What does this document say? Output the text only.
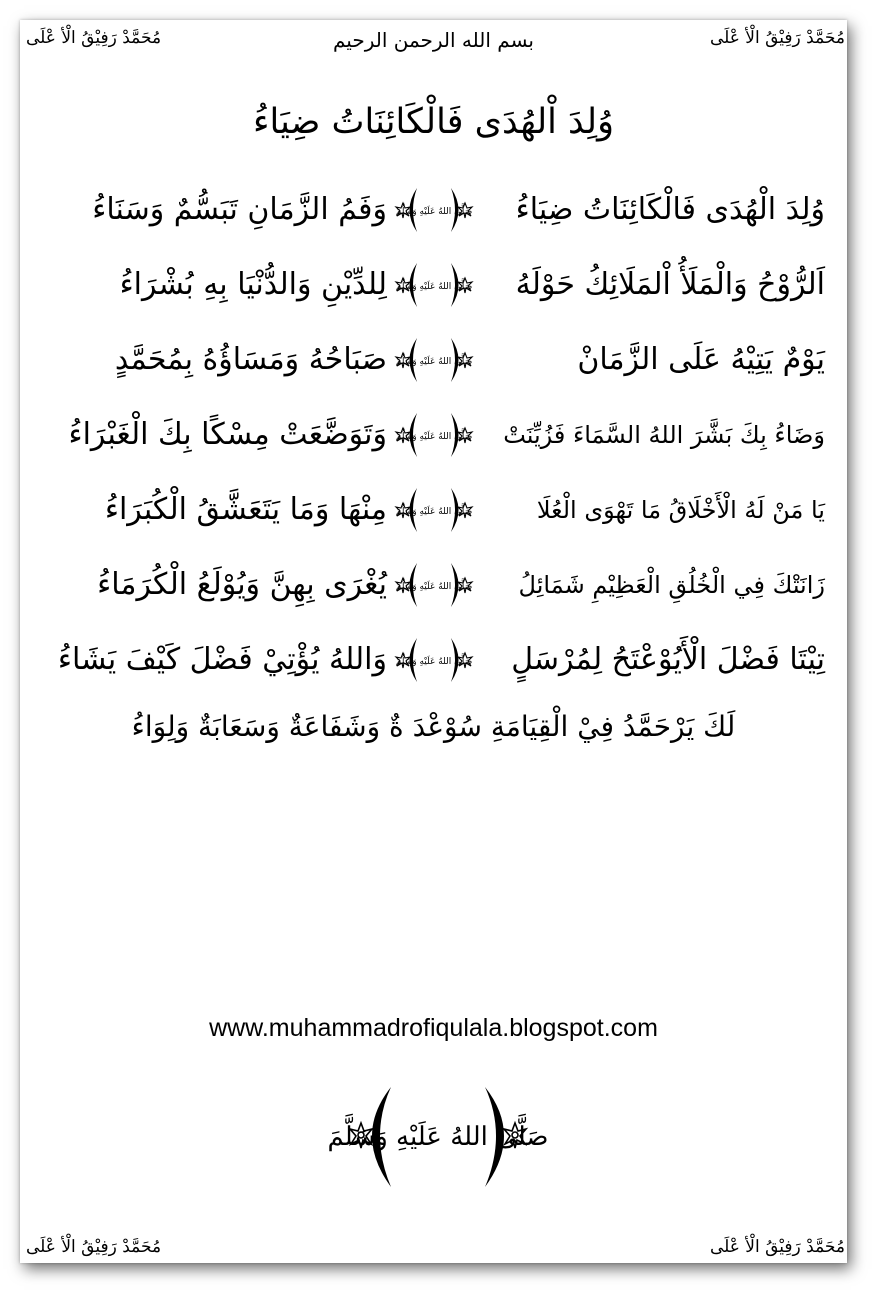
مُحَمَّدْ رَفِيْقُ الْأ عْلَى	مُحَمَّدْ رَفِيْقُ الْأ عْلَى
بسم الله الرحمن الرحيم
وُلِدَ اْلهُدَى فَالْكَائِنَاتُ ضِيَاءُ
وُلِدَ الْهُدَى فَالْكَائِنَاتُ ضِيَاءُ
صَلَّى اللهُ عَلَيْهِ وَسَلَّمَ
وَفَمُ الزَّمَانِ تَبَسُّمٌ وَسَنَاءُ
اَلرُّوْحُ وَالْمَلَأُ اْلمَلَائِكُ حَوْلَهُ
صَلَّى اللهُ عَلَيْهِ وَسَلَّمَ
لِلدِّيْنِ وَالدُّنْيَا بِهِ بُشْرَاءُ
يَوْمٌ يَتِيْهُ عَلَى الزَّمَانْ
صَلَّى اللهُ عَلَيْهِ وَسَلَّمَ
صَبَاحُهُ وَمَسَاؤُهُ بِمُحَمَّدٍ
وَضَاءُ بِكَ بَشَّرَ اللهُ السَّمَاءَ فَزُيِّنَتْ
صَلَّى اللهُ عَلَيْهِ وَسَلَّمَ
وَتَوَضَّعَتْ مِسْكًا بِكَ الْغَبْرَاءُ
يَا مَنْ لَهُ الْأَخْلَاقُ مَا تَهْوَى الْعُلَا
صَلَّى اللهُ عَلَيْهِ وَسَلَّمَ
مِنْهَا وَمَا يَتَعَشَّقُ الْكُبَرَاءُ
زَانَتْكَ فِي الْخُلُقِ الْعَظِيْمِ شَمَائِلُ
صَلَّى اللهُ عَلَيْهِ وَسَلَّمَ
يُغْرَى بِهِنَّ وَيُوْلَعُ الْكُرَمَاءُ
تِيْتَا فَضْلَ الْأَيُوْعْتَحُ لِمُرْسَلٍ
صَلَّى اللهُ عَلَيْهِ وَسَلَّمَ
وَاللهُ يُؤْتِيْ فَضْلَ كَيْفَ يَشَاءُ
لَكَ يَرْحَمَّدُ فِيْ الْقِيَامَةِ سُوْعْدَ ةٌ وَشَفَاعَةٌ وَسَعَابَةٌ وَلِوَاءُ
www.muhammadrofiqulala.blogspot.com
صَلَّى اللهُ عَلَيْهِ وَسَلَّمَ
مُحَمَّدْ رَفِيْقُ الْأ عْلَى	مُحَمَّدْ رَفِيْقُ الْأ عْلَى
